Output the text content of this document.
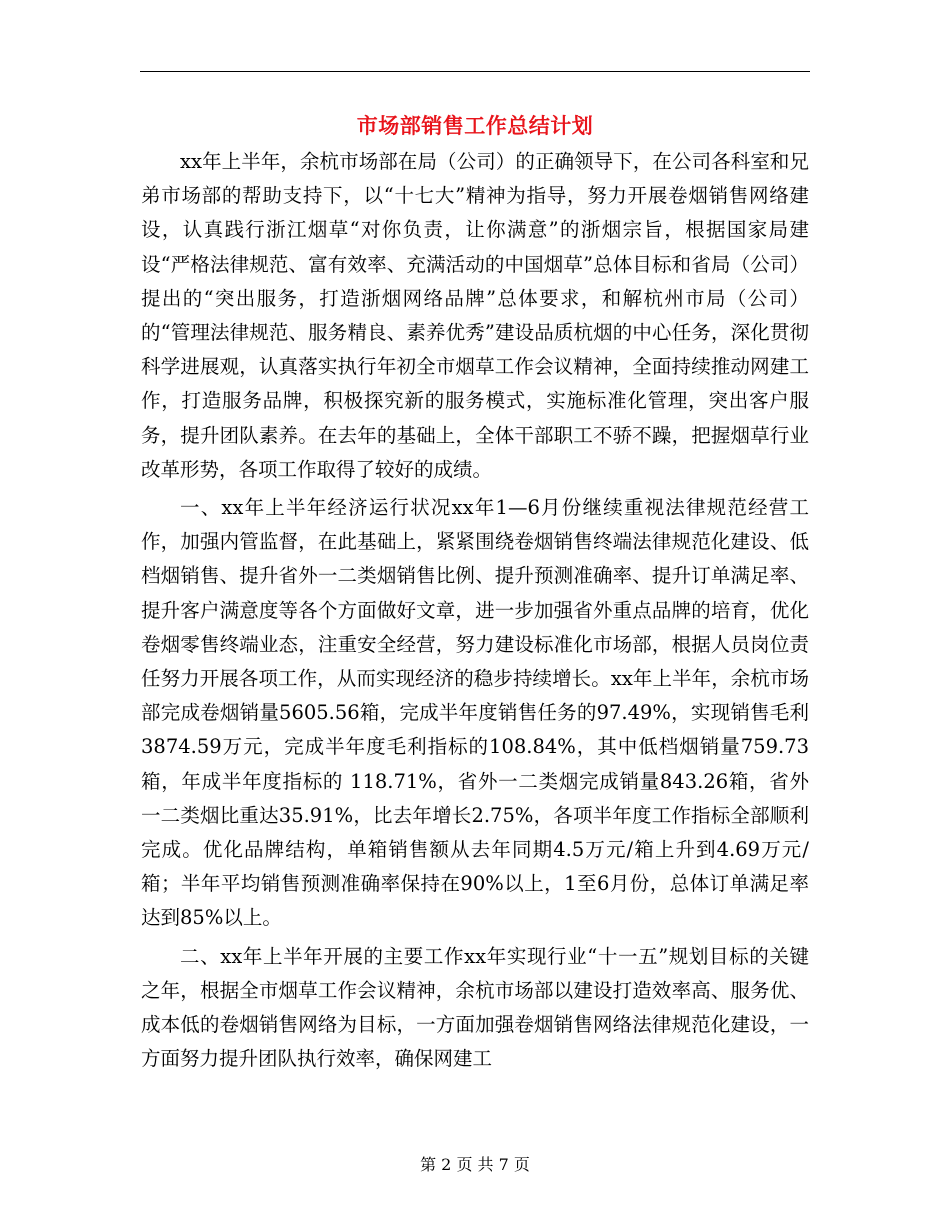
市场部销售工作总结计划

xx年上半年，余杭市场部在局（公司）的正确领导下，在公司各科室和兄弟市场部的帮助支持下，以“十七大”精神为指导，努力开展卷烟销售网络建设，认真践行浙江烟草“对你负责，让你满意”的浙烟宗旨，根据国家局建设“严格法律规范、富有效率、充满活动的中国烟草”总体目标和省局（公司）提出的“突出服务，打造浙烟网络品牌”总体要求，和解杭州市局（公司）的“管理法律规范、服务精良、素养优秀”建设品质杭烟的中心任务，深化贯彻科学进展观，认真落实执行年初全市烟草工作会议精神，全面持续推动网建工作，打造服务品牌，积极探究新的服务模式，实施标准化管理，突出客户服务，提升团队素养。在去年的基础上，全体干部职工不骄不躁，把握烟草行业改革形势，各项工作取得了较好的成绩。

一、xx年上半年经济运行状况xx年1—6月份继续重视法律规范经营工作，加强内管监督，在此基础上，紧紧围绕卷烟销售终端法律规范化建设、低档烟销售、提升省外一二类烟销售比例、提升预测准确率、提升订单满足率、提升客户满意度等各个方面做好文章，进一步加强省外重点品牌的培育，优化卷烟零售终端业态，注重安全经营，努力建设标准化市场部，根据人员岗位责任努力开展各项工作，从而实现经济的稳步持续增长。xx年上半年，余杭市场部完成卷烟销量5605.56箱，完成半年度销售任务的97.49%，实现销售毛利3874.59万元，完成半年度毛利指标的108.84%，其中低档烟销量759.73箱，年成半年度指标的 118.71%，省外一二类烟完成销量843.26箱，省外一二类烟比重达35.91%，比去年增长2.75%，各项半年度工作指标全部顺利完成。优化品牌结构，单箱销售额从去年同期4.5万元/箱上升到4.69万元/箱；半年平均销售预测准确率保持在90%以上，1至6月份，总体订单满足率达到85%以上。

二、xx年上半年开展的主要工作xx年实现行业“十一五”规划目标的关键之年，根据全市烟草工作会议精神，余杭市场部以建设打造效率高、服务优、成本低的卷烟销售网络为目标，一方面加强卷烟销售网络法律规范化建设，一方面努力提升团队执行效率，确保网建工

第 2 页 共 7 页
